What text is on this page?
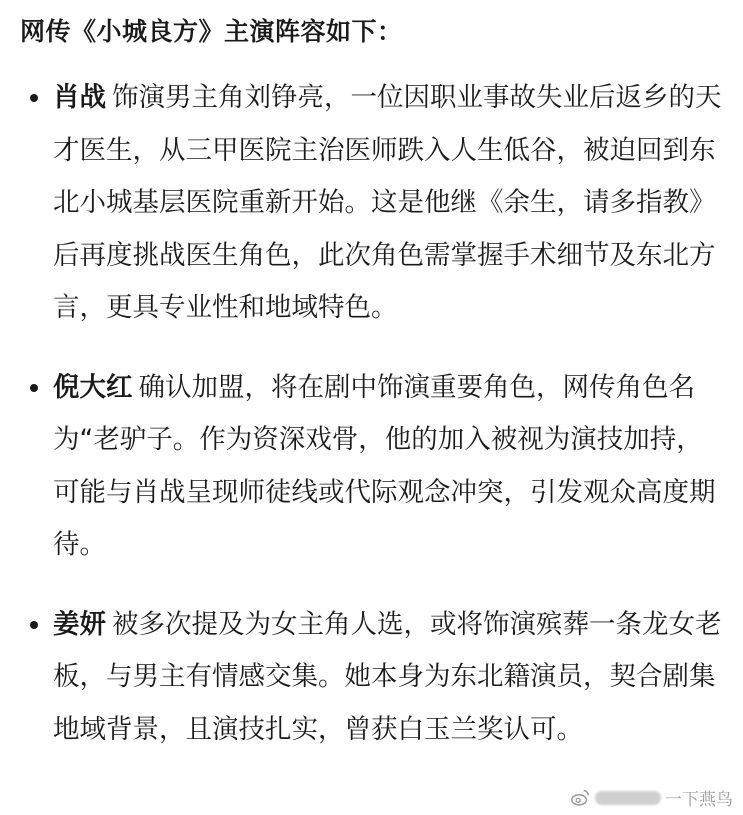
网传《小城良方》主演阵容如下：
肖战 饰演男主角刘铮亮，一位因职业事故失业后返乡的天才医生，从三甲医院主治医师跌入人生低谷，被迫回到东北小城基层医院重新开始。这是他继《余生，请多指教》后再度挑战医生角色，此次角色需掌握手术细节及东北方言，更具专业性和地域特色。
倪大红 确认加盟，将在剧中饰演重要角色，网传角色名为“老驴子。作为资深戏骨，他的加入被视为演技加持，可能与肖战呈现师徒线或代际观念冲突，引发观众高度期待。
姜妍 被多次提及为女主角人选，或将饰演殡葬一条龙女老板，与男主有情感交集。她本身为东北籍演员，契合剧集地域背景，且演技扎实，曾获白玉兰奖认可。
一下燕鸟
